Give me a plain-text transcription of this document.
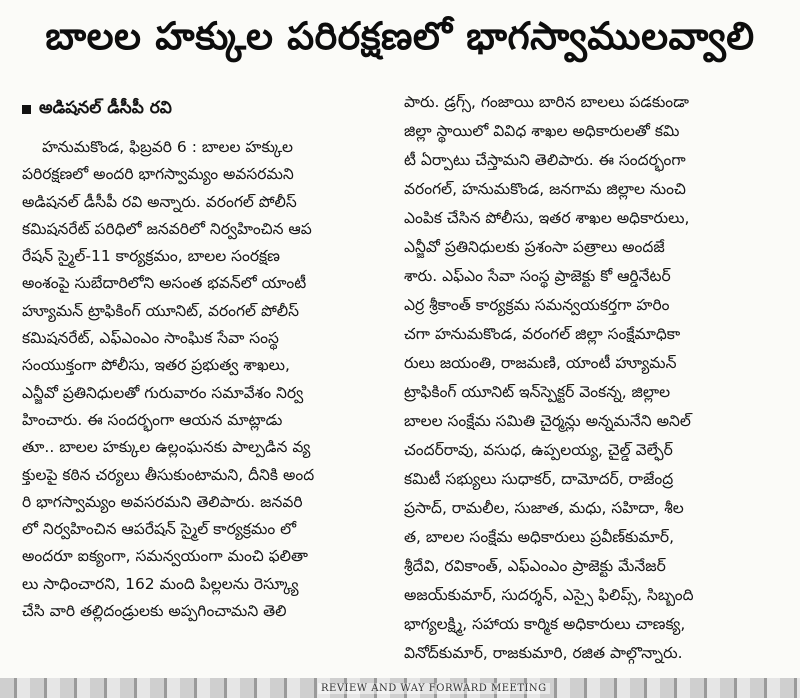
బాలల హక్కుల పరిరక్షణలో భాగస్వాములవ్వాలి
అడిషనల్ డీసీపీ రవి
హనుమకొండ, ఫిబ్రవరి 6 : బాలల హక్కుల
పరిరక్షణలో అందరి భాగస్వామ్యం అవసరమని
అడిషనల్ డీసీపీ రవి అన్నారు. వరంగల్ పోలీస్
కమిషనరేట్ పరిధిలో జనవరిలో నిర్వహించిన ఆప
రేషన్ స్మైల్-11 కార్యక్రమం, బాలల సంరక్షణ
అంశంపై సుబేదారిలోని అసంత భవన్‌లో యాంటీ
హ్యూమన్ ట్రాఫికింగ్ యూనిట్, వరంగల్ పోలీస్
కమిషనరేట్, ఎఫ్ఎంఎం సాంఘిక సేవా సంస్థ
సంయుక్తంగా పోలీసు, ఇతర ప్రభుత్వ శాఖలు,
ఎన్జీవో ప్రతినిధులతో గురువారం సమావేశం నిర్వ
హించారు. ఈ సందర్భంగా ఆయన మాట్లాడు
తూ.. బాలల హక్కుల ఉల్లంఘనకు పాల్పడిన వ్య
క్తులపై కఠిన చర్యలు తీసుకుంటామని, దీనికి అంద
రి భాగస్వామ్యం అవసరమని తెలిపారు. జనవరి
లో నిర్వహించిన ఆపరేషన్ స్మైల్ కార్యక్రమం లో
అందరూ ఐక్యంగా, సమన్వయంగా మంచి ఫలితా
లు సాధించారని, 162 మంది పిల్లలను రెస్క్యూ
చేసి వారి తల్లిదండ్రులకు అప్పగించామని తెలి
పారు. డ్రగ్స్, గంజాయి బారిన బాలలు పడకుండా
జిల్లా స్థాయిలో వివిధ శాఖల అధికారులతో కమి
టీ ఏర్పాటు చేస్తామని తెలిపారు. ఈ సందర్భంగా
వరంగల్, హనుమకొండ, జనగామ జిల్లాల నుంచి
ఎంపిక చేసిన పోలీసు, ఇతర శాఖల అధికారులు,
ఎన్జీవో ప్రతినిధులకు ప్రశంసా పత్రాలు అందజే
శారు. ఎఫ్ఎం సేవా సంస్థ ప్రాజెక్టు కో ఆర్డినేటర్
ఎర్ర శ్రీకాంత్ కార్యక్రమ సమన్వయకర్తగా హరిం
చగా హనుమకొండ, వరంగల్ జిల్లా సంక్షేమాధికా
రులు జయంతి, రాజమణి, యాంటీ హ్యూమన్
ట్రాఫికింగ్ యూనిట్ ఇన్‌స్పెక్టర్ వెంకన్న, జిల్లాల
బాలల సంక్షేమ సమితి చైర్మన్లు అన్నమనేని అనిల్
చందర్‌రావు, వసుధ, ఉప్పలయ్య, చైల్డ్ వెల్ఫేర్
కమిటీ సభ్యులు సుధాకర్, దామోదర్, రాజేంద్ర
ప్రసాద్, రామలీల, సుజాత, మధు, సహిదా, శీల
త, బాలల సంక్షేమ అధికారులు ప్రవీణ్‌కుమార్,
శ్రీదేవి, రవికాంత్, ఎఫ్ఎంఎం ప్రాజెక్టు మేనేజర్
అజయ్‌కుమార్, సుదర్శన్, ఎస్సై ఫిలిప్స్, సిబ్బంది
భాగ్యలక్ష్మి, సహాయ కార్మిక అధికారులు చాణక్య,
వినోద్‌కుమార్, రాజకుమారి, రజిత పాల్గొన్నారు.
REVIEW AND WAY FORWARD MEETING
